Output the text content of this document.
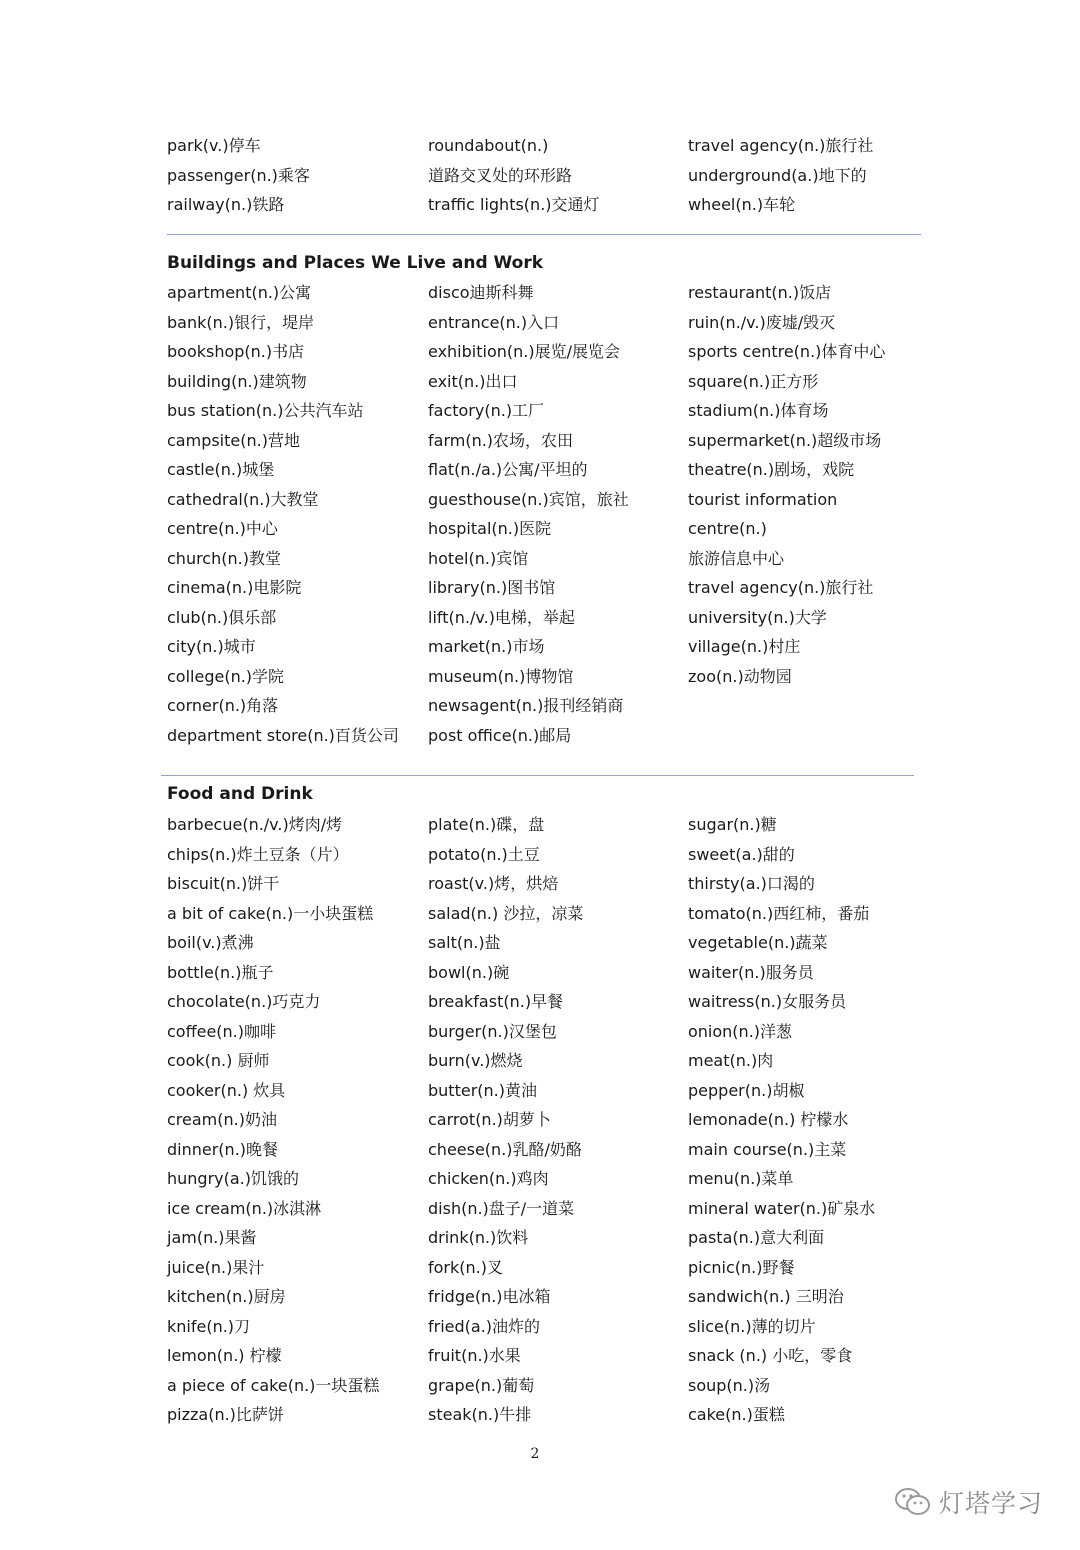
park(v.)停车
passenger(n.)乘客
railway(n.)铁路
roundabout(n.)
道路交叉处的环形路
traffic lights(n.)交通灯
travel agency(n.)旅行社
underground(a.)地下的
wheel(n.)车轮
Buildings and Places We Live and Work
apartment(n.)公寓
bank(n.)银行，堤岸
bookshop(n.)书店
building(n.)建筑物
bus station(n.)公共汽车站
campsite(n.)营地
castle(n.)城堡
cathedral(n.)大教堂
centre(n.)中心
church(n.)教堂
cinema(n.)电影院
club(n.)俱乐部
city(n.)城市
college(n.)学院
corner(n.)角落
department store(n.)百货公司
disco迪斯科舞
entrance(n.)入口
exhibition(n.)展览/展览会
exit(n.)出口
factory(n.)工厂
farm(n.)农场，农田
flat(n./a.)公寓/平坦的
guesthouse(n.)宾馆，旅社
hospital(n.)医院
hotel(n.)宾馆
library(n.)图书馆
lift(n./v.)电梯，举起
market(n.)市场
museum(n.)博物馆
newsagent(n.)报刊经销商
post office(n.)邮局
restaurant(n.)饭店
ruin(n./v.)废墟/毁灭
sports centre(n.)体育中心
square(n.)正方形
stadium(n.)体育场
supermarket(n.)超级市场
theatre(n.)剧场，戏院
tourist information
centre(n.)
旅游信息中心
travel agency(n.)旅行社
university(n.)大学
village(n.)村庄
zoo(n.)动物园
Food and Drink
barbecue(n./v.)烤肉/烤
chips(n.)炸土豆条（片）
biscuit(n.)饼干
a bit of cake(n.)一小块蛋糕
boil(v.)煮沸
bottle(n.)瓶子
chocolate(n.)巧克力
coffee(n.)咖啡
cook(n.) 厨师
cooker(n.) 炊具
cream(n.)奶油
dinner(n.)晚餐
hungry(a.)饥饿的
ice cream(n.)冰淇淋
jam(n.)果酱
juice(n.)果汁
kitchen(n.)厨房
knife(n.)刀
lemon(n.) 柠檬
a piece of cake(n.)一块蛋糕
pizza(n.)比萨饼
plate(n.)碟，盘
potato(n.)土豆
roast(v.)烤，烘焙
salad(n.) 沙拉，凉菜
salt(n.)盐
bowl(n.)碗
breakfast(n.)早餐
burger(n.)汉堡包
burn(v.)燃烧
butter(n.)黄油
carrot(n.)胡萝卜
cheese(n.)乳酪/奶酪
chicken(n.)鸡肉
dish(n.)盘子/一道菜
drink(n.)饮料
fork(n.)叉
fridge(n.)电冰箱
fried(a.)油炸的
fruit(n.)水果
grape(n.)葡萄
steak(n.)牛排
sugar(n.)糖
sweet(a.)甜的
thirsty(a.)口渴的
tomato(n.)西红柿，番茄
vegetable(n.)蔬菜
waiter(n.)服务员
waitress(n.)女服务员
onion(n.)洋葱
meat(n.)肉
pepper(n.)胡椒
lemonade(n.) 柠檬水
main course(n.)主菜
menu(n.)菜单
mineral water(n.)矿泉水
pasta(n.)意大利面
picnic(n.)野餐
sandwich(n.) 三明治
slice(n.)薄的切片
snack (n.) 小吃，零食
soup(n.)汤
cake(n.)蛋糕
2
灯塔学习
